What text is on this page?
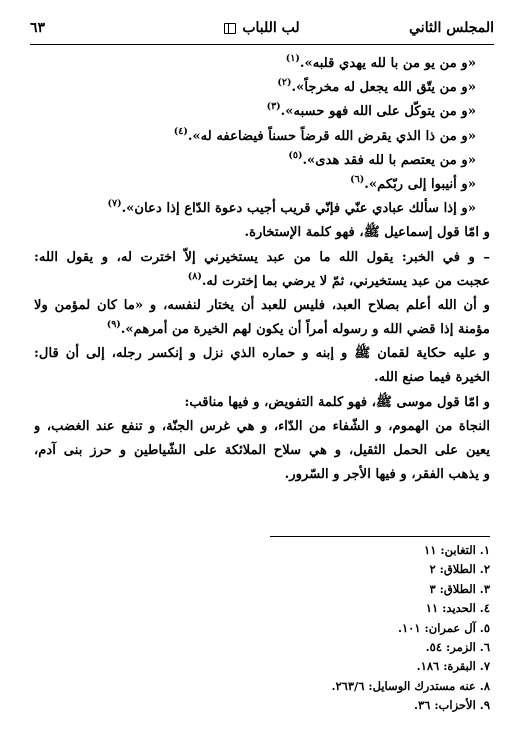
المجلس الثاني
لب اللباب
٦٣
«و من يو من با لله يهدي قلبه».$^{(١)}$
«و من يتّق الله يجعل له مخرجاً».$^{(٢)}$
«و من يتوكّل على الله فهو حسبه».$^{(٣)}$
«و من ذا الذي يقرض الله قرضاً حسناً فيضاعفه له».$^{(٤)}$
«و من يعتصم با لله فقد هدى».$^{(٥)}$
«و أنيبوا إلى ربّكم».$^{(٦)}$
«و إذا سألك عبادي عنّي فإنّي قريب أجيب دعوة الدّاع إذا دعان».$^{(٧)}$
و امّا قول إسماعيل ﷺ، فهو كلمة الإستخارة.
– و في الخبر: يقول الله ما من عبد يستخيرني إلاّ اخترت له، و يقول الله:
عجبت من عبد يستخيرني، ثمّ لا يرضي بما إخترت له.$^{(٨)}$
و أن الله أعلم بصلاح العبد، فليس للعبد أن يختار لنفسه، و «ما كان لمؤمن ولا
مؤمنة إذا قضي الله و رسوله أمراً أن يكون لهم الخيرة من أمرهم».$^{(٩)}$
و عليه حكاية لقمان ﷺ و إبنه و حماره الذي نزل و إنكسر رجله، إلى أن قال:
الخيرة فيما صنع الله.
و امّا قول موسى ﷺ، فهو كلمة التفويض، و فيها مناقب:
النجاة من الهموم، و الشّفاء من الدّاء، و هي غرس الجنّة، و تنفع عند الغضب، و
يعين على الحمل الثقيل، و هي سلاح الملائكة على الشّياطين و حرز بنى آدم،
و يذهب الفقر، و فيها الأجر و السّرور.
١. التغابن: ١١
٢. الطلاق: ٢
٣. الطلاق: ٣
٤. الحديد: ١١
٥. آل عمران: ١٠١.
٦. الزمر: ٥٤.
٧. البقرة: ١٨٦.
٨. عنه مستدرك الوسايل: ٢٦٣/٦.
٩. الأحزاب: ٣٦.
